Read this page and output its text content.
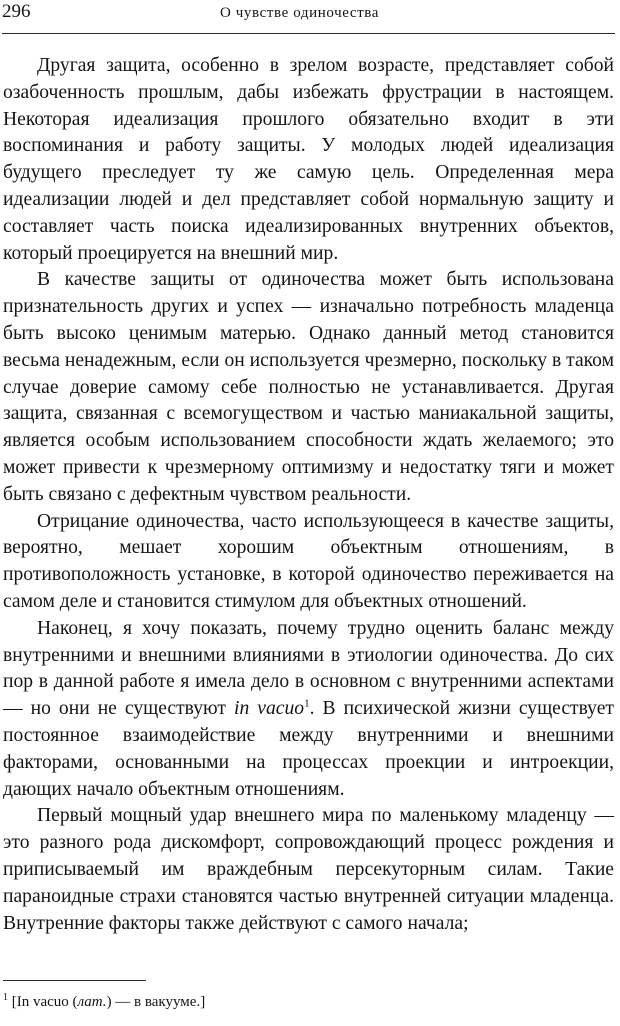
296	О чувстве одиночества

Другая защита, особенно в зрелом возрасте, представляет собой озабоченность прошлым, дабы избежать фрустрации в настоящем. Некоторая идеализация прошлого обязательно входит в эти воспоминания и работу защиты. У молодых людей идеализация будущего преследует ту же самую цель. Определенная мера идеализации людей и дел представляет собой нормальную защиту и составляет часть поиска идеализированных внутренних объектов, который проецируется на внешний мир.

В качестве защиты от одиночества может быть использована признательность других и успех — изначально потребность младенца быть высоко ценимым матерью. Однако данный метод становится весьма ненадежным, если он используется чрезмерно, поскольку в таком случае доверие самому себе полностью не устанавливается. Другая защита, связанная с всемогуществом и частью маниакальной защиты, является особым использованием способности ждать желаемого; это может привести к чрезмерному оптимизму и недостатку тяги и может быть связано с дефектным чувством реальности.

Отрицание одиночества, часто использующееся в качестве защиты, вероятно, мешает хорошим объектным отношениям, в противоположность установке, в которой одиночество переживается на самом деле и становится стимулом для объектных отношений.

Наконец, я хочу показать, почему трудно оценить баланс между внутренними и внешними влияниями в этиологии одиночества. До сих пор в данной работе я имела дело в основном с внутренними аспектами — но они не существуют in vacuo$^1$. В психической жизни существует постоянное взаимодействие между внутренними и внешними факторами, основанными на процессах проекции и интроекции, дающих начало объектным отношениям.

Первый мощный удар внешнего мира по маленькому младенцу — это разного рода дискомфорт, сопровождающий процесс рождения и приписываемый им враждебным персекуторным силам. Такие параноидные страхи становятся частью внутренней ситуации младенца. Внутренние факторы также действуют с самого начала;

$^1$ [In vacuo (лат.) — в вакууме.]
